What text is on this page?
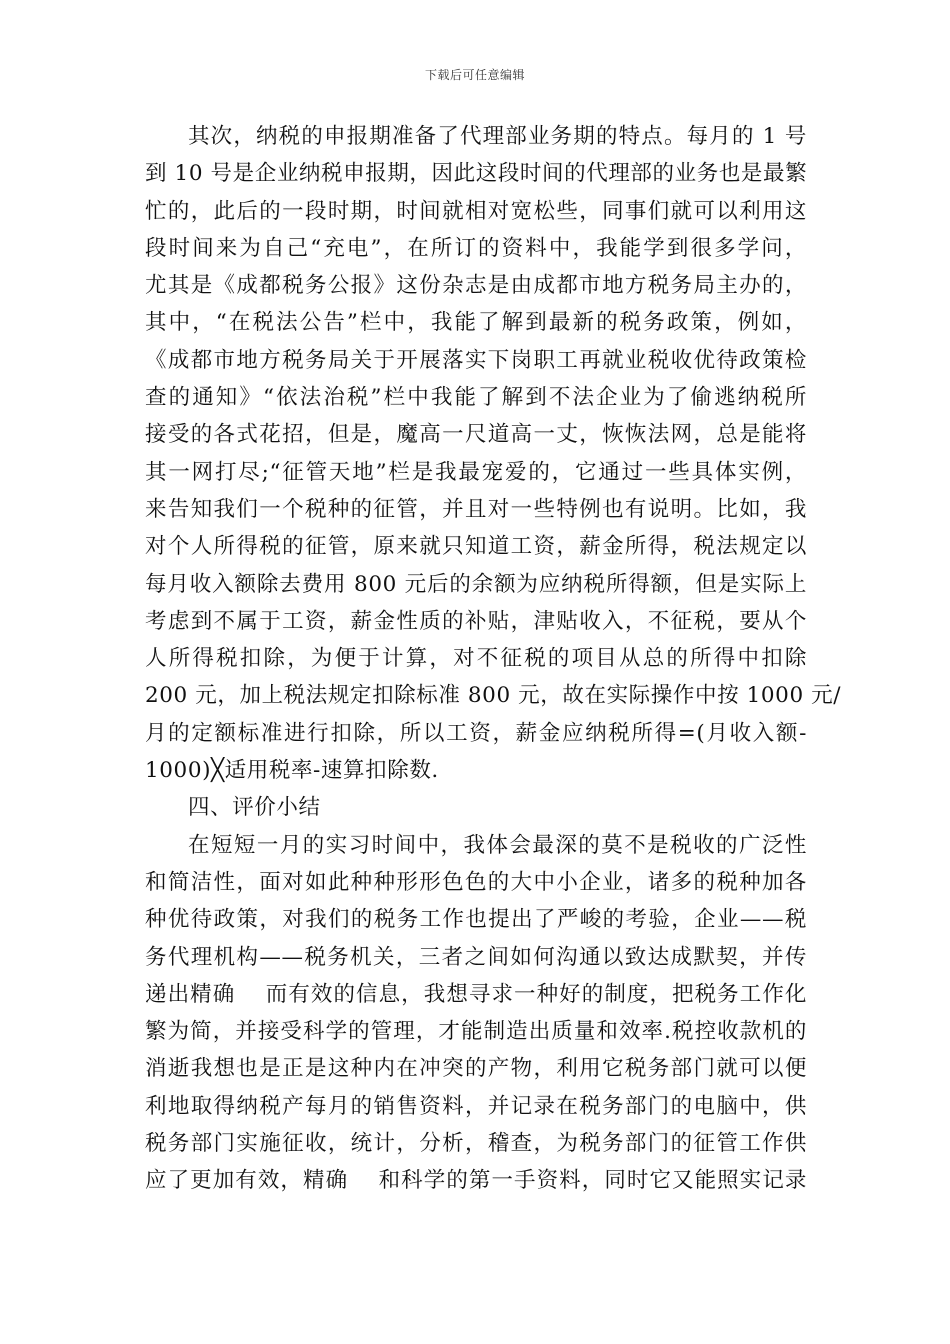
下载后可任意编辑
其次，纳税的申报期准备了代理部业务期的特点。每月的 1 号
到 10 号是企业纳税申报期，因此这段时间的代理部的业务也是最繁
忙的，此后的一段时期，时间就相对宽松些，同事们就可以利用这
段时间来为自己“充电”，在所订的资料中，我能学到很多学问，
尤其是《成都税务公报》这份杂志是由成都市地方税务局主办的，
其中，“在税法公告”栏中，我能了解到最新的税务政策，例如，
《成都市地方税务局关于开展落实下岗职工再就业税收优待政策检
查的通知》“依法治税”栏中我能了解到不法企业为了偷逃纳税所
接受的各式花招，但是，魔高一尺道高一丈，恢恢法网，总是能将
其一网打尽;“征管天地”栏是我最宠爱的，它通过一些具体实例，
来告知我们一个税种的征管，并且对一些特例也有说明。比如，我
对个人所得税的征管，原来就只知道工资，薪金所得，税法规定以
每月收入额除去费用 800 元后的余额为应纳税所得额，但是实际上
考虑到不属于工资，薪金性质的补贴，津贴收入，不征税，要从个
人所得税扣除，为便于计算，对不征税的项目从总的所得中扣除
200 元，加上税法规定扣除标准 800 元，故在实际操作中按 1000 元/
月的定额标准进行扣除，所以工资，薪金应纳税所得=(月收入额-
1000)╳适用税率-速算扣除数.
四、评价小结
在短短一月的实习时间中，我体会最深的莫不是税收的广泛性
和简洁性，面对如此种种形形色色的大中小企业，诸多的税种加各
种优待政策，对我们的税务工作也提出了严峻的考验，企业——税
务代理机构——税务机关，三者之间如何沟通以致达成默契，并传
递出精确　 而有效的信息，我想寻求一种好的制度，把税务工作化
繁为简，并接受科学的管理，才能制造出质量和效率.税控收款机的
消逝我想也是正是这种内在冲突的产物，利用它税务部门就可以便
利地取得纳税产每月的销售资料，并记录在税务部门的电脑中，供
税务部门实施征收，统计，分析，稽查，为税务部门的征管工作供
应了更加有效，精确　 和科学的第一手资料，同时它又能照实记录
